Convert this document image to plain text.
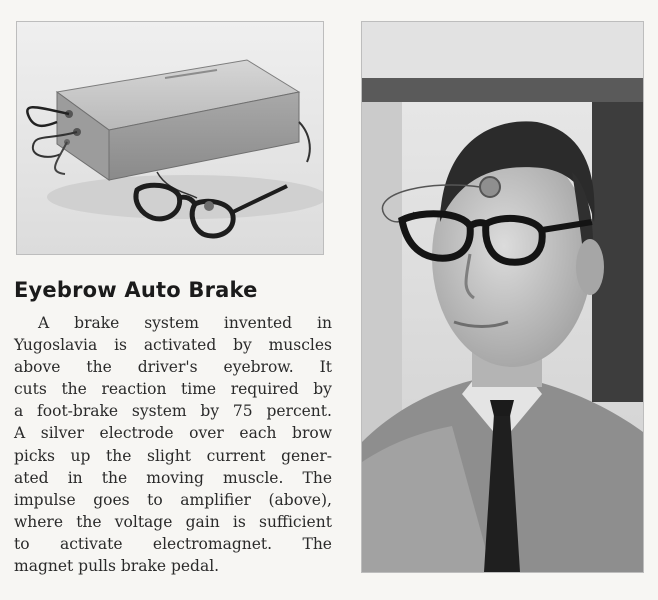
Eyebrow Auto Brake
A brake system invented in
Yugoslavia is activated by muscles
above the driver's eyebrow. It
cuts the reaction time required by
a foot-brake system by 75 percent.
A silver electrode over each brow
picks up the slight current gener-
ated in the moving muscle. The
impulse goes to amplifier (above),
where the voltage gain is sufficient
to activate electromagnet. The
magnet pulls brake pedal.
